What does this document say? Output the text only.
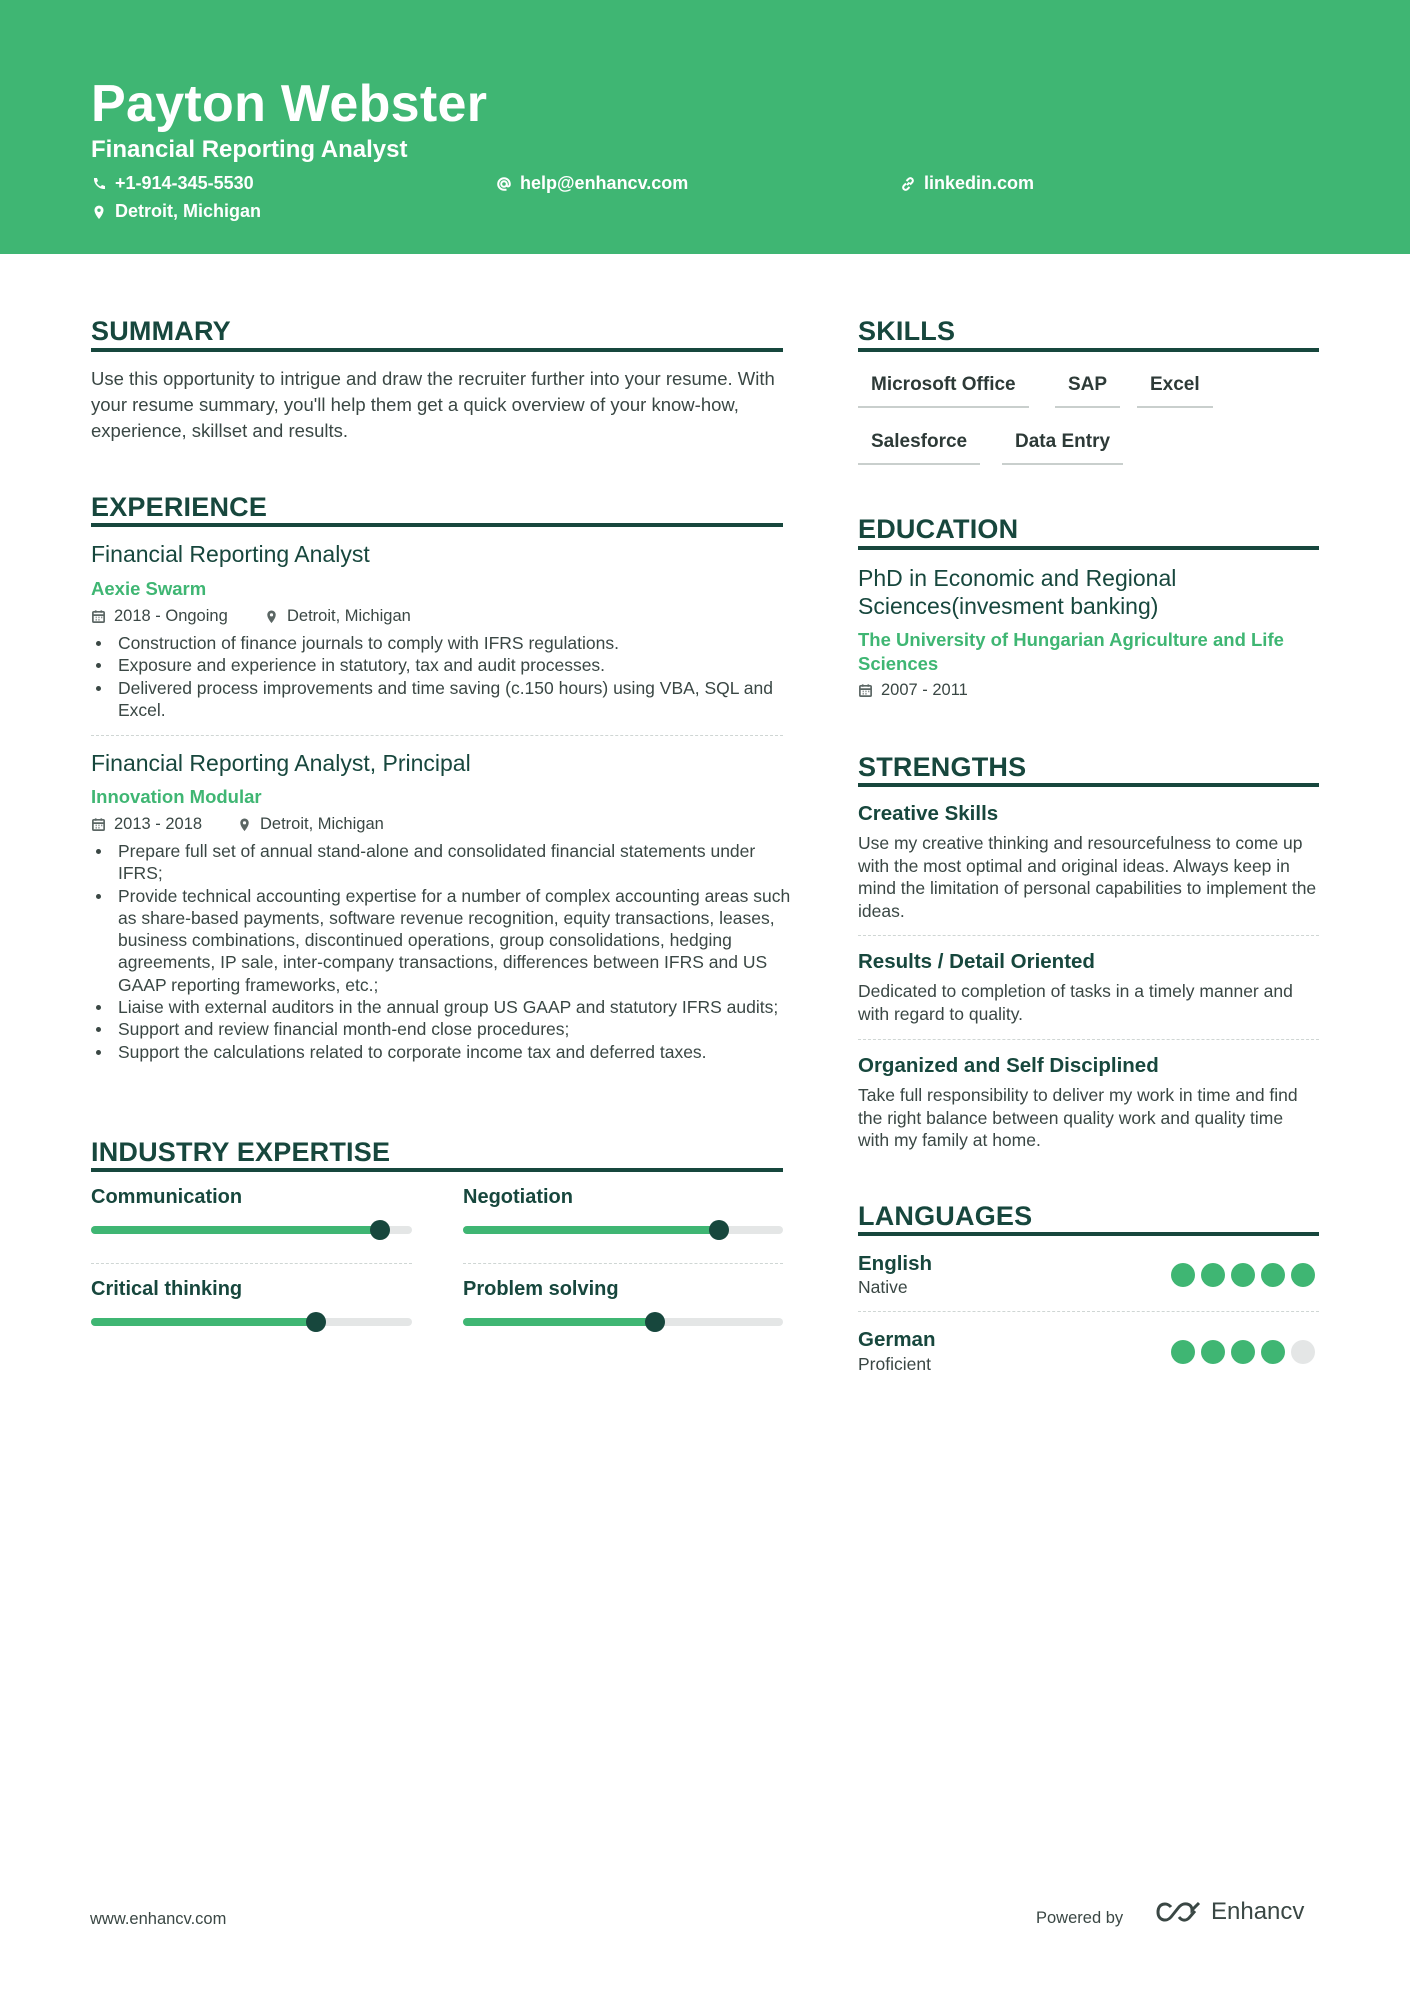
Payton Webster
Financial Reporting Analyst
+1-914-345-5530	help@enhancv.com	linkedin.com
Detroit, Michigan
SUMMARY
Use this opportunity to intrigue and draw the recruiter further into your resume. With your resume summary, you'll help them get a quick overview of your know-how, experience, skillset and results.
EXPERIENCE
Financial Reporting Analyst
Aexie Swarm
2018 - Ongoing	Detroit, Michigan
Construction of finance journals to comply with IFRS regulations.
Exposure and experience in statutory, tax and audit processes.
Delivered process improvements and time saving (c.150 hours) using VBA, SQL and Excel.
Financial Reporting Analyst, Principal
Innovation Modular
2013 - 2018	Detroit, Michigan
Prepare full set of annual stand-alone and consolidated financial statements under IFRS;
Provide technical accounting expertise for a number of complex accounting areas such as share-based payments, software revenue recognition, equity transactions, leases, business combinations, discontinued operations, group consolidations, hedging agreements, IP sale, inter-company transactions, differences between IFRS and US GAAP reporting frameworks, etc.;
Liaise with external auditors in the annual group US GAAP and statutory IFRS audits;
Support and review financial month-end close procedures;
Support the calculations related to corporate income tax and deferred taxes.
INDUSTRY EXPERTISE
Communication	Negotiation
Critical thinking	Problem solving
SKILLS
Microsoft Office	SAP	Excel
Salesforce	Data Entry
EDUCATION
PhD in Economic and Regional Sciences(invesment banking)
The University of Hungarian Agriculture and Life Sciences
2007 - 2011
STRENGTHS
Creative Skills
Use my creative thinking and resourcefulness to come up with the most optimal and original ideas. Always keep in mind the limitation of personal capabilities to implement the ideas.
Results / Detail Oriented
Dedicated to completion of tasks in a timely manner and with regard to quality.
Organized and Self Disciplined
Take full responsibility to deliver my work in time and find the right balance between quality work and quality time with my family at home.
LANGUAGES
English
Native
German
Proficient
www.enhancv.com	Powered by	Enhancv
